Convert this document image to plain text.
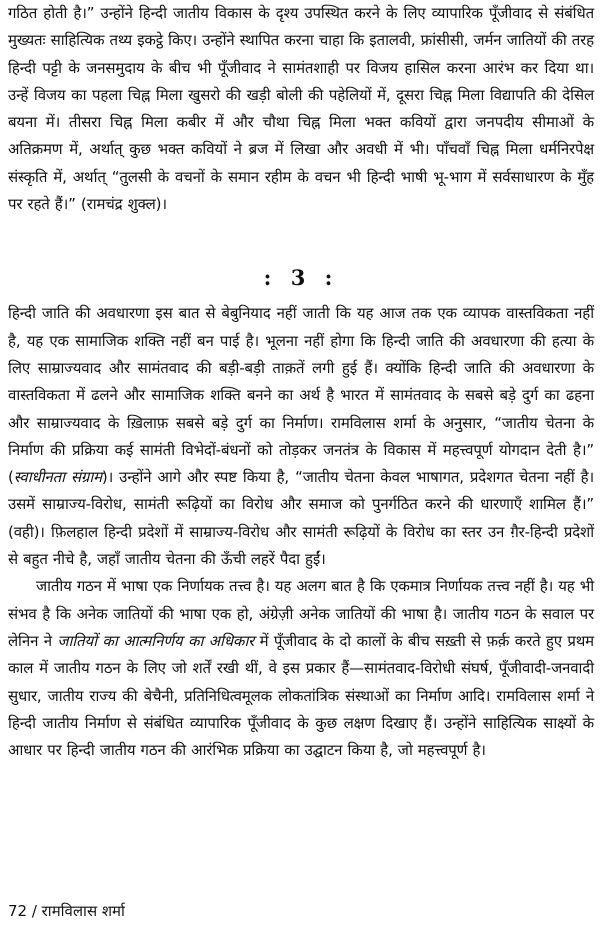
गठित होती है।” उन्होंने हिन्दी जातीय विकास के दृश्य उपस्थित करने के लिए व्यापारिक पूँजीवाद से संबंधित मुख्यतः साहित्यिक तथ्य इकट्ठे किए। उन्होंने स्थापित करना चाहा कि इतालवी, फ्रांसीसी, जर्मन जातियों की तरह हिन्दी पट्टी के जनसमुदाय के बीच भी पूँजीवाद ने सामंतशाही पर विजय हासिल करना आरंभ कर दिया था। उन्हें विजय का पहला चिह्न मिला खुसरो की खड़ी बोली की पहेलियों में, दूसरा चिह्न मिला विद्यापति की देसिल बयना में। तीसरा चिह्न मिला कबीर में और चौथा चिह्न मिला भक्त कवियों द्वारा जनपदीय सीमाओं के अतिक्रमण में, अर्थात् कुछ भक्त कवियों ने ब्रज में लिखा और अवधी में भी। पाँचवाँ चिह्न मिला धर्मनिरपेक्ष संस्कृति में, अर्थात् “तुलसी के वचनों के समान रहीम के वचन भी हिन्दी भाषी भू-भाग में सर्वसाधारण के मुँह पर रहते हैं।” (रामचंद्र शुक्ल)।

: 3 :

हिन्दी जाति की अवधारणा इस बात से बेबुनियाद नहीं जाती कि यह आज तक एक व्यापक वास्तविकता नहीं है, यह एक सामाजिक शक्ति नहीं बन पाई है। भूलना नहीं होगा कि हिन्दी जाति की अवधारणा की हत्या के लिए साम्राज्यवाद और सामंतवाद की बड़ी-बड़ी ताक़तें लगी हुई हैं। क्योंकि हिन्दी जाति की अवधारणा के वास्तविकता में ढलने और सामाजिक शक्ति बनने का अर्थ है भारत में सामंतवाद के सबसे बड़े दुर्ग का ढहना और साम्राज्यवाद के ख़िलाफ़ सबसे बड़े दुर्ग का निर्माण। रामविलास शर्मा के अनुसार, “जातीय चेतना के निर्माण की प्रक्रिया कई सामंती विभेदों-बंधनों को तोड़कर जनतंत्र के विकास में महत्त्वपूर्ण योगदान देती है।” (स्वाधीनता संग्राम)। उन्होंने आगे और स्पष्ट किया है, “जातीय चेतना केवल भाषागत, प्रदेशगत चेतना नहीं है। उसमें साम्राज्य-विरोध, सामंती रूढ़ियों का विरोध और समाज को पुनर्गठित करने की धारणाएँ शामिल हैं।” (वही)। फ़िलहाल हिन्दी प्रदेशों में साम्राज्य-विरोध और सामंती रूढ़ियों के विरोध का स्तर उन ग़ैर-हिन्दी प्रदेशों से बहुत नीचे है, जहाँ जातीय चेतना की ऊँची लहरें पैदा हुईं।

जातीय गठन में भाषा एक निर्णायक तत्त्व है। यह अलग बात है कि एकमात्र निर्णायक तत्त्व नहीं है। यह भी संभव है कि अनेक जातियों की भाषा एक हो, अंग्रेज़ी अनेक जातियों की भाषा है। जातीय गठन के सवाल पर लेनिन ने जातियों का आत्मनिर्णय का अधिकार में पूँजीवाद के दो कालों के बीच सख़्ती से फ़र्क़ करते हुए प्रथम काल में जातीय गठन के लिए जो शर्तें रखी थीं, वे इस प्रकार हैं—सामंतवाद-विरोधी संघर्ष, पूँजीवादी-जनवादी सुधार, जातीय राज्य की बेचैनी, प्रतिनिधित्वमूलक लोकतांत्रिक संस्थाओं का निर्माण आदि। रामविलास शर्मा ने हिन्दी जातीय निर्माण से संबंधित व्यापारिक पूँजीवाद के कुछ लक्षण दिखाए हैं। उन्होंने साहित्यिक साक्ष्यों के आधार पर हिन्दी जातीय गठन की आरंभिक प्रक्रिया का उद्घाटन किया है, जो महत्त्वपूर्ण है।

72 / रामविलास शर्मा
